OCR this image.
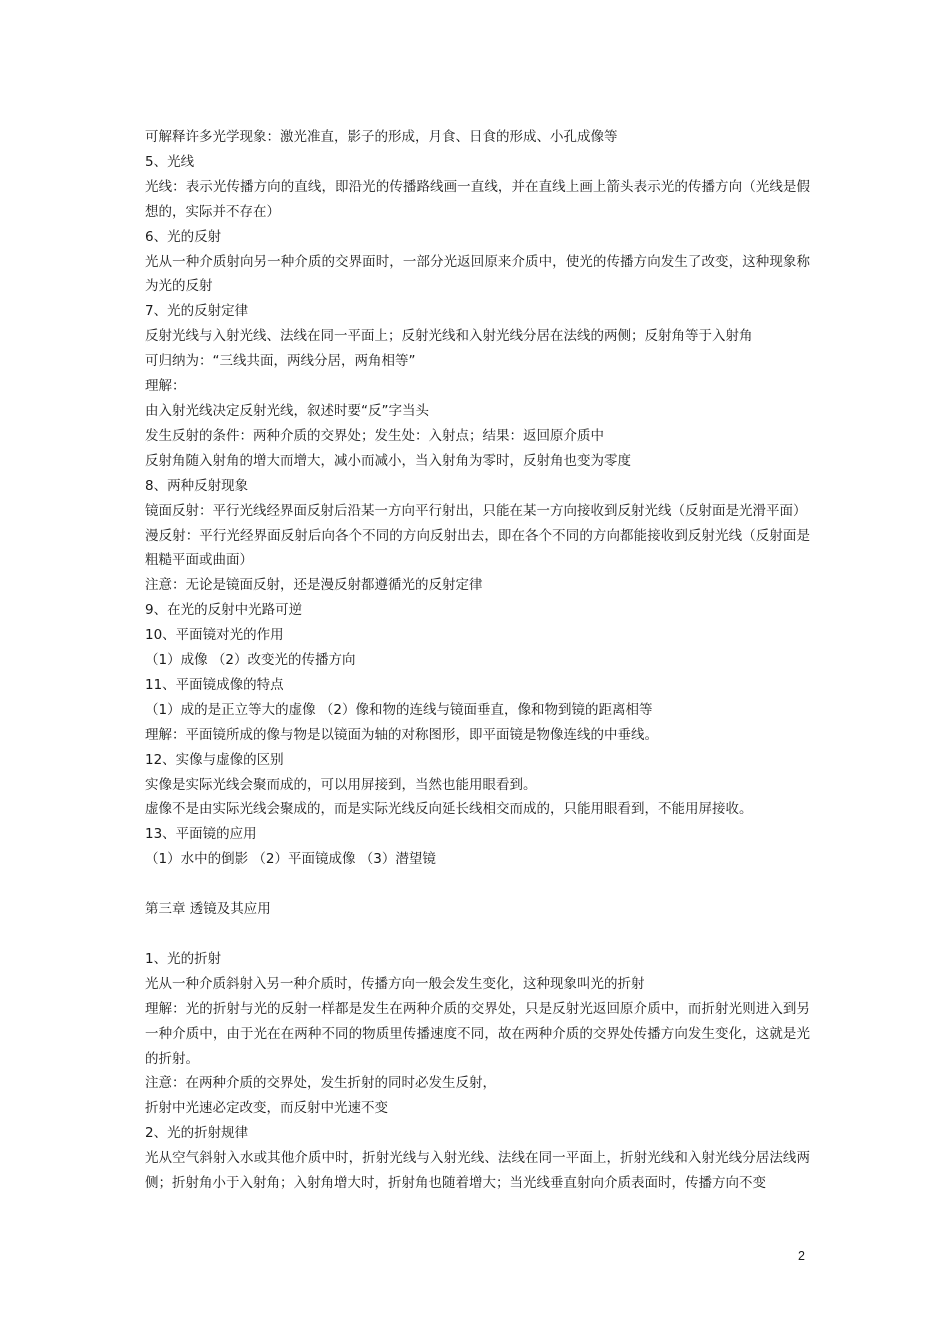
可解释许多光学现象：激光准直，影子的形成，月食、日食的形成、小孔成像等
5、光线
光线：表示光传播方向的直线，即沿光的传播路线画一直线，并在直线上画上箭头表示光的传播方向（光线是假想的，实际并不存在）
6、光的反射
光从一种介质射向另一种介质的交界面时，一部分光返回原来介质中，使光的传播方向发生了改变，这种现象称为光的反射
7、光的反射定律
反射光线与入射光线、法线在同一平面上；反射光线和入射光线分居在法线的两侧；反射角等于入射角
可归纳为：“三线共面，两线分居，两角相等”
理解：
由入射光线决定反射光线，叙述时要“反”字当头
发生反射的条件：两种介质的交界处；发生处：入射点；结果：返回原介质中
反射角随入射角的增大而增大，减小而减小，当入射角为零时，反射角也变为零度
8、两种反射现象
镜面反射：平行光线经界面反射后沿某一方向平行射出，只能在某一方向接收到反射光线（反射面是光滑平面）
漫反射：平行光经界面反射后向各个不同的方向反射出去，即在各个不同的方向都能接收到反射光线（反射面是粗糙平面或曲面）
注意：无论是镜面反射，还是漫反射都遵循光的反射定律
9、在光的反射中光路可逆
10、平面镜对光的作用
（1）成像 （2）改变光的传播方向
11、平面镜成像的特点
（1）成的是正立等大的虚像 （2）像和物的连线与镜面垂直，像和物到镜的距离相等
理解：平面镜所成的像与物是以镜面为轴的对称图形，即平面镜是物像连线的中垂线。
12、实像与虚像的区别
实像是实际光线会聚而成的，可以用屏接到，当然也能用眼看到。
虚像不是由实际光线会聚成的，而是实际光线反向延长线相交而成的，只能用眼看到，不能用屏接收。
13、平面镜的应用
（1）水中的倒影 （2）平面镜成像 （3）潜望镜
第三章 透镜及其应用
1、光的折射
光从一种介质斜射入另一种介质时，传播方向一般会发生变化，这种现象叫光的折射
理解：光的折射与光的反射一样都是发生在两种介质的交界处，只是反射光返回原介质中，而折射光则进入到另一种介质中，由于光在在两种不同的物质里传播速度不同，故在两种介质的交界处传播方向发生变化，这就是光的折射。
注意：在两种介质的交界处，发生折射的同时必发生反射，
折射中光速必定改变，而反射中光速不变
2、光的折射规律
光从空气斜射入水或其他介质中时，折射光线与入射光线、法线在同一平面上，折射光线和入射光线分居法线两侧；折射角小于入射角；入射角增大时，折射角也随着增大；当光线垂直射向介质表面时，传播方向不变
2
